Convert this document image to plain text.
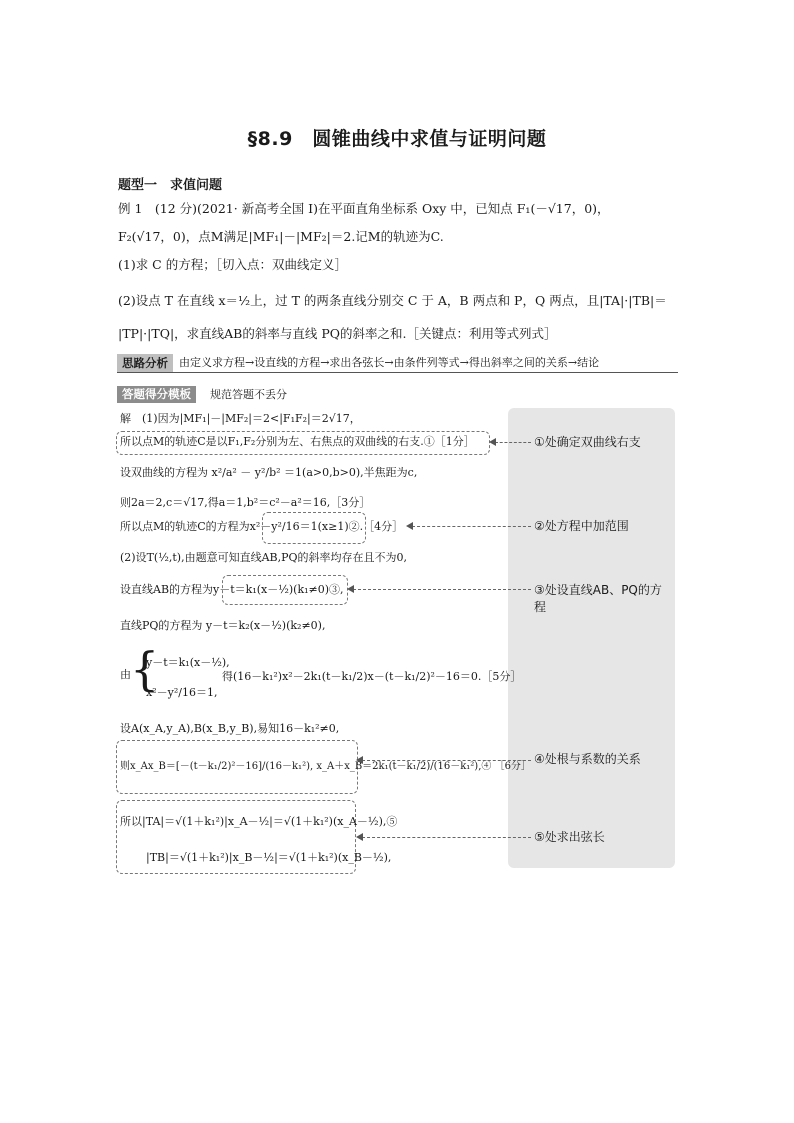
§8.9　圆锥曲线中求值与证明问题
题型一　求值问题
例 1　(12 分)(2021· 新高考全国 Ⅰ)在平面直角坐标系 Oxy 中，已知点 F₁(－√17，0)，
F₂(√17，0)，点M满足|MF₁|－|MF₂|＝2.记M的轨迹为C.
(1)求 C 的方程；［切入点：双曲线定义］
(2)设点 T 在直线 x＝½上，过 T 的两条直线分别交 C 于 A，B 两点和 P，Q 两点，且|TA|·|TB|＝
|TP|·|TQ|，求直线AB的斜率与直线 PQ的斜率之和.［关键点：利用等式列式］
思路分析	由定义求方程→设直线的方程→求出各弦长→由条件列等式→得出斜率之间的关系→结论
答题得分模板	规范答题不丢分
解　(1)因为|MF₁|－|MF₂|＝2<|F₁F₂|＝2√17，
所以点M的轨迹C是以F₁,F₂分别为左、右焦点的双曲线的右支.①［1分］
设双曲线的方程为 x²/a² － y²/b² ＝1(a>0,b>0),半焦距为c,
则2a＝2,c＝√17,得a＝1,b²＝c²－a²＝16,［3分］
所以点M的轨迹C的方程为x²－y²/16＝1(x≥1)②.［4分］
(2)设T(½,t),由题意可知直线AB,PQ的斜率均存在且不为0,
设直线AB的方程为y－t＝k₁(x－½)(k₁≠0)③,
直线PQ的方程为 y－t＝k₂(x－½)(k₂≠0),
由 {
y－t＝k₁(x－½),
x²－y²/16＝1,
得(16－k₁²)x²－2k₁(t－k₁/2)x－(t－k₁/2)²－16＝0.［5分］
设A(x_A,y_A),B(x_B,y_B),易知16－k₁²≠0,
则x_Ax_B＝[－(t－k₁/2)²－16]/(16－k₁²), x_A＋x_B＝2k₁(t－k₁/2)/(16－k₁²),④ ［6分］
所以|TA|＝√(1＋k₁²)|x_A－½|＝√(1＋k₁²)(x_A－½),⑤
|TB|＝√(1＋k₁²)|x_B－½|＝√(1＋k₁²)(x_B－½),
①处确定双曲线右支
②处方程中加范围
③处设直线AB、PQ的方程
④处根与系数的关系
⑤处求出弦长
